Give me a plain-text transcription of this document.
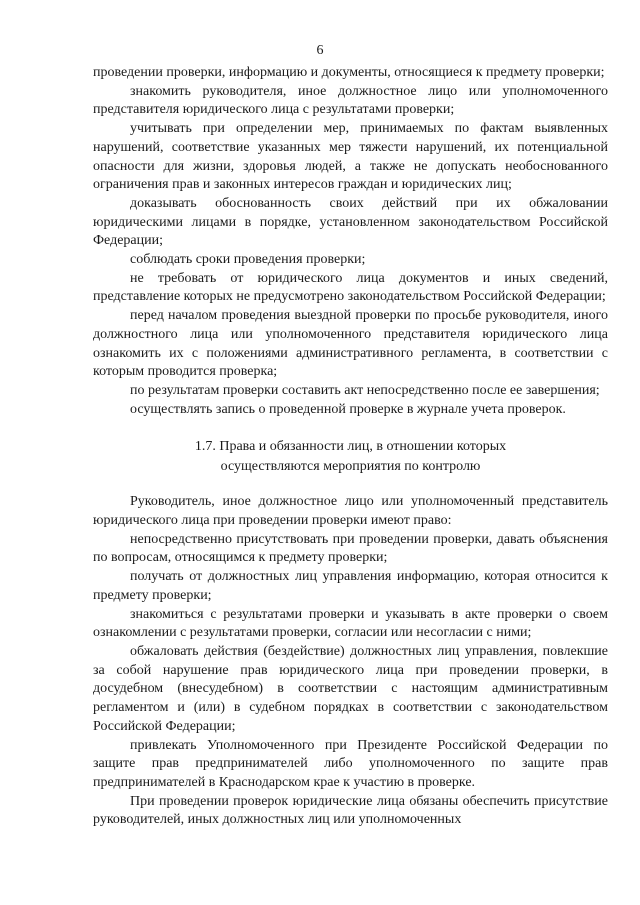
6

проведении проверки, информацию и документы, относящиеся к предмету проверки;

знакомить руководителя, иное должностное лицо или уполномоченного представителя юридического лица с результатами проверки;

учитывать при определении мер, принимаемых по фактам выявленных нарушений, соответствие указанных мер тяжести нарушений, их потенциальной опасности для жизни, здоровья людей, а также не допускать необоснованного ограничения прав и законных интересов граждан и юридических лиц;

доказывать обоснованность своих действий при их обжаловании юридическими лицами в порядке, установленном законодательством Российской Федерации;

соблюдать сроки проведения проверки;

не требовать от юридического лица документов и иных сведений, представление которых не предусмотрено законодательством Российской Федерации;

перед началом проведения выездной проверки по просьбе руководителя, иного должностного лица или уполномоченного представителя юридического лица ознакомить их с положениями административного регламента, в соответствии с которым проводится проверка;

по результатам проверки составить акт непосредственно после ее завершения;

осуществлять запись о проведенной проверке в журнале учета проверок.

1.7. Права и обязанности лиц, в отношении которых
осуществляются мероприятия по контролю

Руководитель, иное должностное лицо или уполномоченный представитель юридического лица при проведении проверки имеют право:

непосредственно присутствовать при проведении проверки, давать объяснения по вопросам, относящимся к предмету проверки;

получать от должностных лиц управления информацию, которая относится к предмету проверки;

знакомиться с результатами проверки и указывать в акте проверки о своем ознакомлении с результатами проверки, согласии или несогласии с ними;

обжаловать действия (бездействие) должностных лиц управления, повлекшие за собой нарушение прав юридического лица при проведении проверки, в досудебном (внесудебном) в соответствии с настоящим административным регламентом и (или) в судебном порядках в соответствии с законодательством Российской Федерации;

привлекать Уполномоченного при Президенте Российской Федерации по защите прав предпринимателей либо уполномоченного по защите прав предпринимателей в Краснодарском крае к участию в проверке.

При проведении проверок юридические лица обязаны обеспечить присутствие руководителей, иных должностных лиц или уполномоченных
